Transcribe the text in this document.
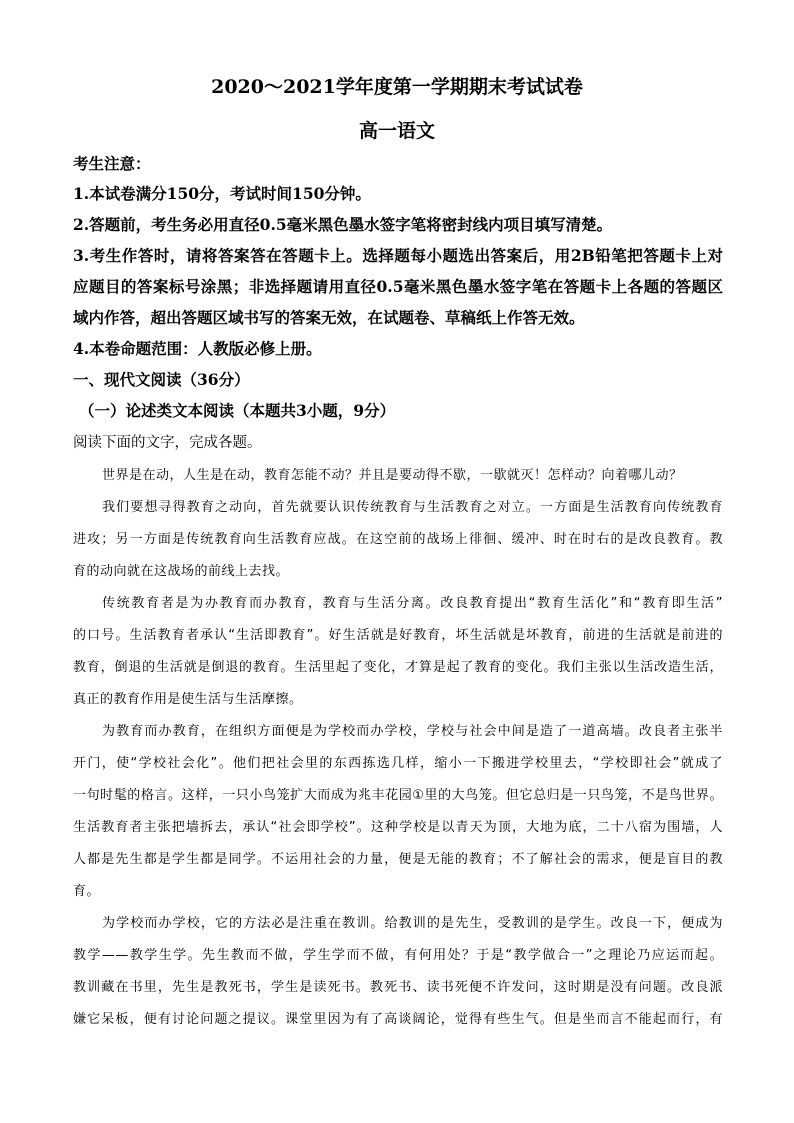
2020～2021学年度第一学期期末考试试卷
高一语文
考生注意：
1.本试卷满分150分，考试时间150分钟。
2.答题前，考生务必用直径0.5毫米黑色墨水签字笔将密封线内项目填写清楚。
3.考生作答时，请将答案答在答题卡上。选择题每小题选出答案后，用2B铅笔把答题卡上对
应题目的答案标号涂黑；非选择题请用直径0.5毫米黑色墨水签字笔在答题卡上各题的答题区
域内作答，超出答题区域书写的答案无效，在试题卷、草稿纸上作答无效。
4.本卷命题范围：人教版必修上册。
一、现代文阅读（36分）
（一）论述类文本阅读（本题共3小题，9分）
阅读下面的文字，完成各题。
世界是在动，人生是在动，教育怎能不动？并且是要动得不歇，一歇就灭！怎样动？向着哪儿动？
我们要想寻得教育之动向，首先就要认识传统教育与生活教育之对立。一方面是生活教育向传统教育
进攻；另一方面是传统教育向生活教育应战。在这空前的战场上徘徊、缓冲、时在时右的是改良教育。教
育的动向就在这战场的前线上去找。
传统教育者是为办教育而办教育，教育与生活分离。改良教育提出“教育生活化”和“教育即生活”
的口号。生活教育者承认“生活即教育”。好生活就是好教育，坏生活就是坏教育，前进的生活就是前进的
教育，倒退的生活就是倒退的教育。生活里起了变化，才算是起了教育的变化。我们主张以生活改造生活，
真正的教育作用是使生活与生活摩擦。
为教育而办教育，在组织方面便是为学校而办学校，学校与社会中间是造了一道高墙。改良者主张半
开门，使“学校社会化”。他们把社会里的东西拣选几样，缩小一下搬进学校里去，“学校即社会”就成了
一句时髦的格言。这样，一只小鸟笼扩大而成为兆丰花园①里的大鸟笼。但它总归是一只鸟笼，不是鸟世界。
生活教育者主张把墙拆去，承认“社会即学校”。这种学校是以青天为顶，大地为底，二十八宿为围墙，人
人都是先生都是学生都是同学。不运用社会的力量，便是无能的教育；不了解社会的需求，便是盲目的教
育。
为学校而办学校，它的方法必是注重在教训。给教训的是先生，受教训的是学生。改良一下，便成为
教学——教学生学。先生教而不做，学生学而不做，有何用处？于是“教学做合一”之理论乃应运而起。
教训藏在书里，先生是教死书，学生是读死书。教死书、读书死便不许发问，这时期是没有问题。改良派
嫌它呆板，便有讨论问题之提议。课堂里因为有了高谈阔论，觉得有些生气。但是坐而言不能起而行，有
